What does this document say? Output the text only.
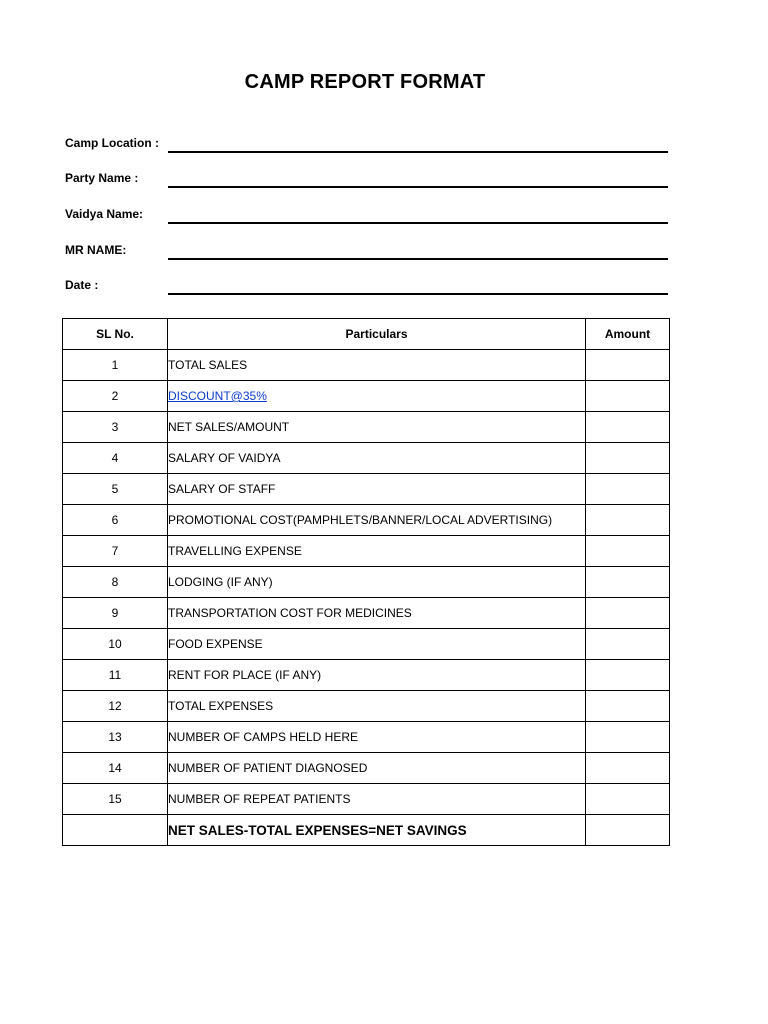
CAMP REPORT FORMAT
Camp Location :
Party Name :
Vaidya Name:
MR NAME:
Date :
SL No.	Particulars	Amount
1	TOTAL SALES	
2	DISCOUNT@35%	
3	NET SALES/AMOUNT	
4	SALARY OF VAIDYA	
5	SALARY OF STAFF	
6	PROMOTIONAL COST(PAMPHLETS/BANNER/LOCAL ADVERTISING)	
7	TRAVELLING EXPENSE	
8	LODGING (IF ANY)	
9	TRANSPORTATION COST FOR MEDICINES	
10	FOOD EXPENSE	
11	RENT FOR PLACE (IF ANY)	
12	TOTAL EXPENSES	
13	NUMBER OF CAMPS HELD HERE	
14	NUMBER OF PATIENT DIAGNOSED	
15	NUMBER OF REPEAT PATIENTS	
	NET SALES-TOTAL EXPENSES=NET SAVINGS	
